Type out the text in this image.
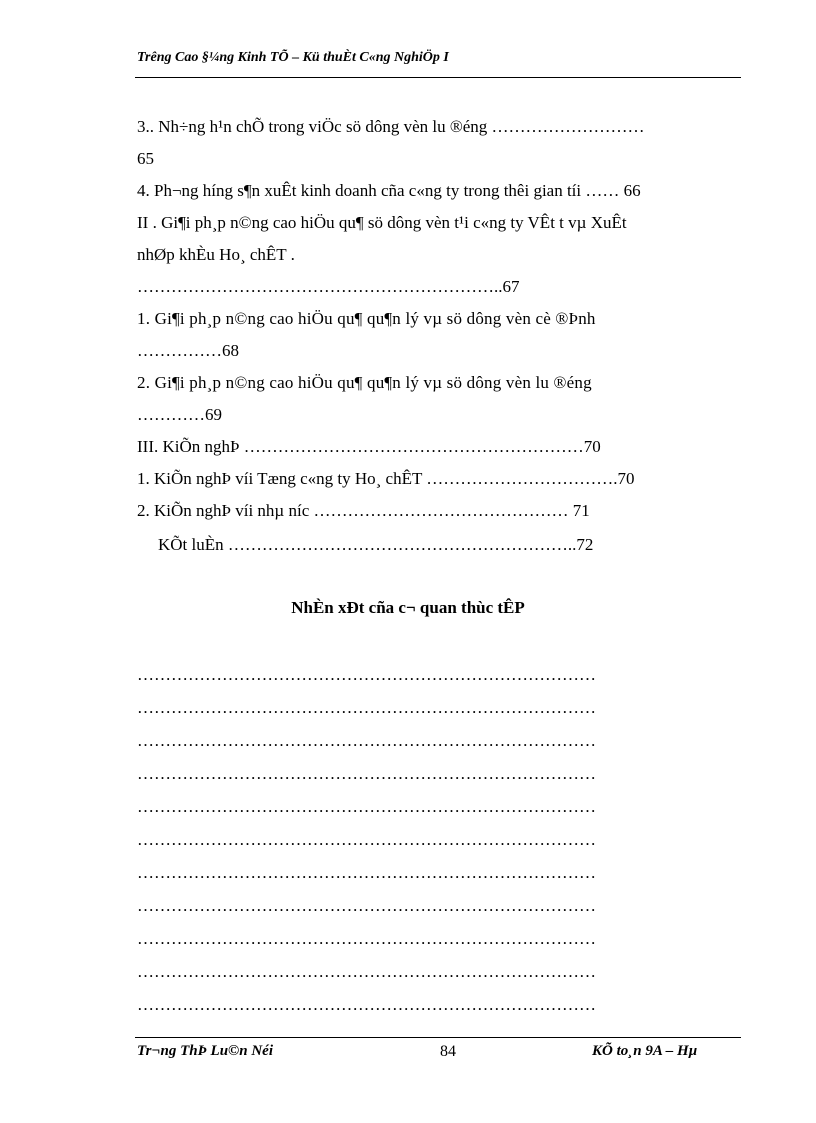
Trêng Cao §¼ng Kinh TÕ – Kü thuÈt C«ng NghiÖp I
3.. Nh÷ng h¹n chÕ trong viÖc sö dông vèn lu ®éng ………………………
65
4. Ph¬ng híng s¶n xuÊt kinh doanh cña c«ng ty trong thêi gian tíi …… 66
II . Gi¶i ph¸p n©ng cao hiÖu qu¶ sö dông vèn t¹i c«ng ty VÊt t vµ XuÊt
nhØp khÈu Ho¸ chÊT .
………………………………………………………..67
1. Gi¶i ph¸p n©ng cao hiÖu qu¶ qu¶n lý vµ sö dông vèn cè ®Þnh
……………68
2. Gi¶i ph¸p n©ng cao hiÖu qu¶ qu¶n lý vµ sö dông vèn lu ®éng
…………69
III. KiÕn nghÞ ……………………………………………………70
1. KiÕn nghÞ víi Tæng c«ng ty Ho¸ chÊT …………………………….70
2. KiÕn nghÞ víi nhµ níc ……………………………………… 71
KÕt luÈn ……………………………………………………..72
NhÈn xÐt cña c¬ quan thùc tÊP
………………………………………………………………………
………………………………………………………………………
………………………………………………………………………
………………………………………………………………………
………………………………………………………………………
………………………………………………………………………
………………………………………………………………………
………………………………………………………………………
………………………………………………………………………
………………………………………………………………………
………………………………………………………………………
Tr¬ng ThÞ Lu©n Néi	84	KÕ to¸n 9A – Hµ
